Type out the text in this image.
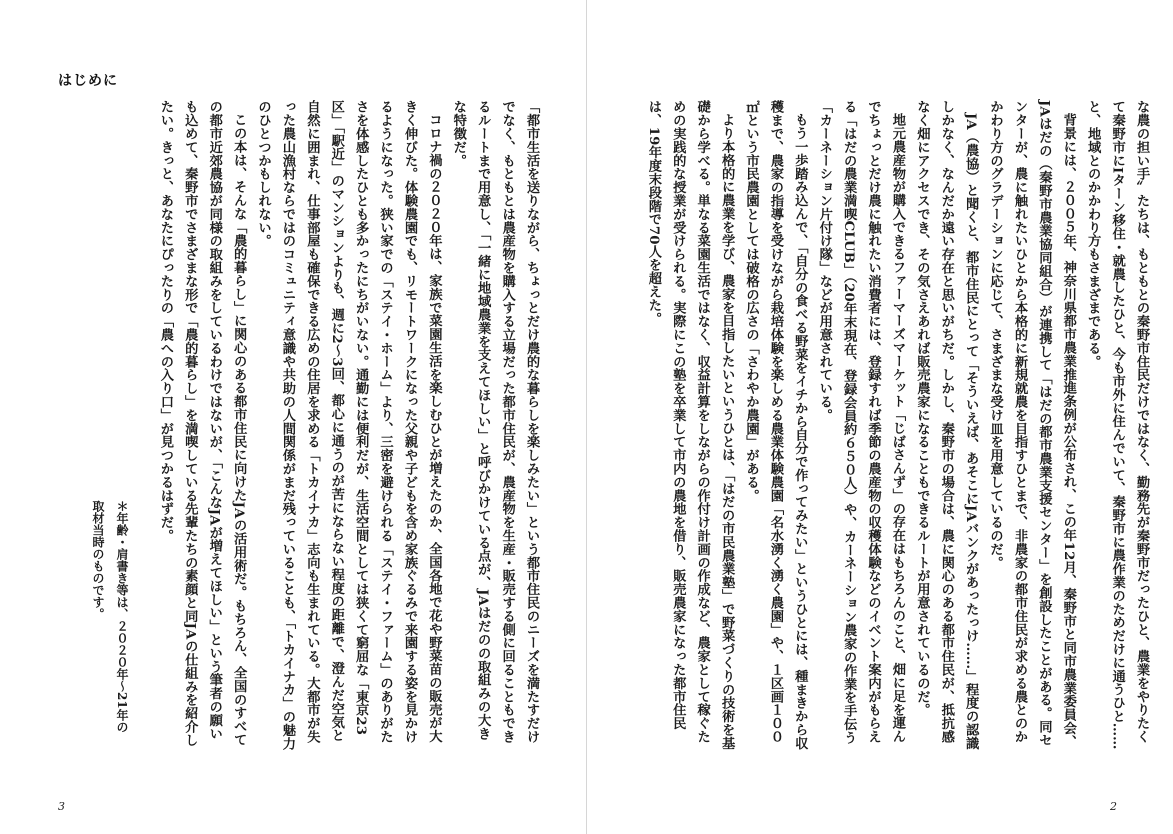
はじめに

「都市生活を送りながら、ちょっとだけ農的な暮らしを楽しみたい」という都市住民のニーズを満たすだけでなく、もともとは農産物を購入する立場だった都市住民が、農産物を生産・販売する側に回ることもできるルートまで用意し、「一緒に地域農業を支えてほしい」と呼びかけている点が、JAはだのの取組みの大きな特徴だ。

コロナ禍の２０２０年は、家族で菜園生活を楽しむひとが増えたのか、全国各地で花や野菜苗の販売が大きく伸びた。体験農園でも、リモートワークになった父親や子どもを含め家族ぐるみで来園する姿を見かけるようになった。狭い家での「ステイ・ホーム」より、三密を避けられる「ステイ・ファーム」のありがたさを体感したひとも多かったにちがいない。通勤には便利だが、生活空間としては狭くて窮屈な「東京23区」「駅近」のマンションよりも、週に2～3回、都心に通うのが苦にならない程度の距離で、澄んだ空気と自然に囲まれ、仕事部屋も確保できる広めの住居を求める「トカイナカ」志向も生まれている。大都市が失った農山漁村ならではのコミュニティ意識や共助の人間関係がまだ残っていることも、「トカイナカ」の魅力のひとつかもしれない。

この本は、そんな「農的暮らし」に関心のある都市住民に向けたJAの活用術だ。もちろん、全国のすべての都市近郊農協が同様の取組みをしているわけではないが、「こんなJAが増えてほしい」という筆者の願いも込めて、秦野市でさまざまな形で「農的暮らし」を満喫している先輩たちの素顔と同JAの仕組みを紹介したい。きっと、あなたにぴったりの「農への入り口」が見つかるはずだ。

＊年齢・肩書き等は、２０２０年～21年の取材当時のものです。
3

な農の担い手〟たちは、もともとの秦野市住民だけではなく、勤務先が秦野市だったひと、農業をやりたくて秦野市にIターン移住・就農したひと、今も市外に住んでいて、秦野市に農作業のためだけに通うひと……と、地域とのかかわり方もさまざまである。

背景には、２００５年、神奈川県都市農業推進条例が公布され、この年12月、秦野市と同市農業委員会、JAはだの（秦野市農業協同組合）が連携して「はだの都市農業支援センター」を創設したことがある。同センターが、農に触れたいひとから本格的に新規就農を目指すひとまで、非農家の都市住民が求める農とのかかわり方のグラデーションに応じて、さまざまな受け皿を用意しているのだ。

JA（農協）と聞くと、都市住民にとって「そういえば、あそこにJAバンクがあったっけ……」程度の認識しかなく、なんだか遠い存在と思いがちだ。しかし、秦野市の場合は、農に関心のある都市住民が、抵抗感なく畑にアクセスでき、その気さえあれば販売農家になることもできるルートが用意されているのだ。

地元農産物が購入できるファーマーズマーケット「じばさんず」の存在はもちろんのこと、畑に足を運んでちょっとだけ農に触れたい消費者には、登録すれば季節の農産物の収穫体験などのイベント案内がもらえる「はだの農業満喫CLUB」（20年末現在、登録会員約６５０人）や、カーネーション農家の作業を手伝う「カーネーション片付け隊」などが用意されている。

もう一歩踏み込んで、「自分の食べる野菜をイチから自分で作ってみたい」というひとには、種まきから収穫まで、農家の指導を受けながら栽培体験を楽しめる農業体験農園「名水湧く湧く農園」や、１区画１００㎡という市民農園としては破格の広さの「さわやか農園」がある。

より本格的に農業を学び、農家を目指したいというひとは、「はだの市民農業塾」で野菜づくりの技術を基礎から学べる。単なる菜園生活ではなく、収益計算をしながらの作付け計画の作成など、農家として稼ぐための実践的な授業が受けられる。実際にこの塾を卒業して市内の農地を借り、販売農家になった都市住民は、19年度末段階で70人を超えた。

2
